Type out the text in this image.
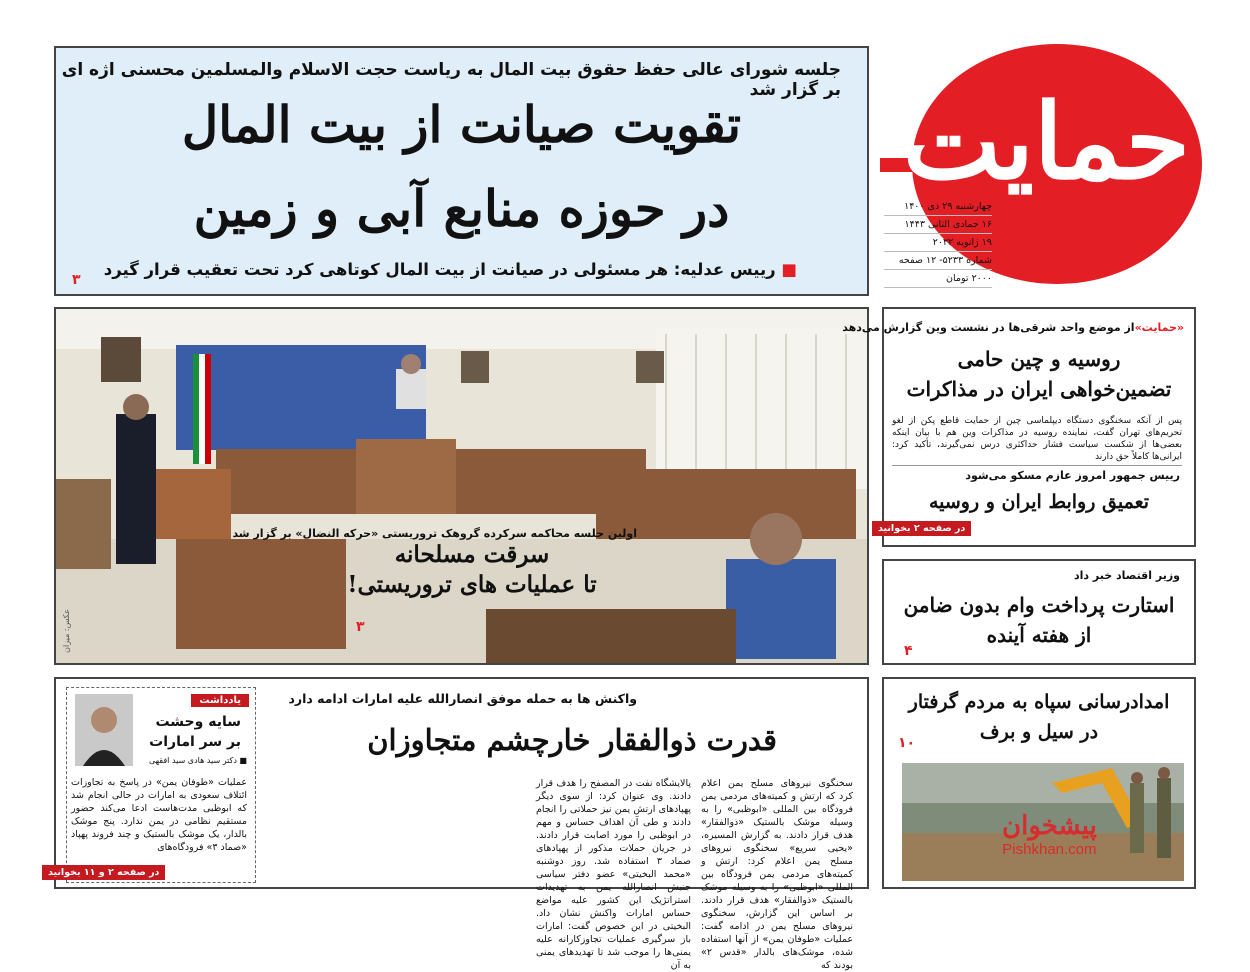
حمایت
چهارشنبه ۲۹ دی ۱۴۰۰
۱۶ جمادی الثانی ۱۴۴۳
۱۹ ژانویه ۲۰۲۲
شماره ۵۲۳۳- ۱۲ صفحه
۲۰۰۰ تومان
جلسه شورای عالی حفظ حقوق بیت المال به ریاست حجت الاسلام والمسلمین محسنی اژه ای بر گزار شد
تقویت صیانت از بیت المال
در حوزه منابع آبی و زمین
■ رییس عدلیه: هر مسئولی در صیانت از بیت المال کوتاهی کرد تحت تعقیب قرار گیرد
۳
اولین جلسه محاکمه سرکرده گروهک تروریستی «حرکه النضال» بر گزار شد
سرقت مسلحانه
تا عملیات های تروریستی!
۳
عکس: میزان
«حمایت»از موضع واحد شرقی‌ها در نشست وین گزارش می‌دهد
روسیه و چین حامی
تضمین‌خواهی ایران در مذاکرات
پس از آنکه سخنگوی دستگاه دیپلماسی چین از حمایت قاطع پکن از لغو تحریم‌های تهران گفت، نماینده روسیه در مذاکرات وین هم با بیان اینکه بعضی‌ها از شکست سیاست فشار حداکثری درس نمی‌گیرند، تأکید کرد: ایرانی‌ها کاملاً حق دارند
رییس جمهور امروز عازم مسکو می‌شود
تعمیق روابط ایران و روسیه
در صفحه ۲ بخوانید
وزیر اقتصاد خبر داد
استارت پرداخت وام بدون ضامن
از هفته آینده
۴
امدادرسانی سپاه به مردم گرفتار
در سیل و برف
۱۰
پیشخوان
Pishkhan.com
واکنش ها به حمله موفق انصارالله علیه امارات ادامه دارد
قدرت ذوالفقار خارچشم متجاوزان
سخنگوی نیروهای مسلح یمن اعلام کرد که ارتش و کمیته‌های مردمی یمن فرودگاه بین المللی «ابوظبی» را به وسیله موشک بالستیک «ذوالفقار» هدف قرار دادند. به گزارش المسیره، «یحیی سریع» سخنگوی نیروهای مسلح یمن اعلام کرد: ارتش و کمیته‌های مردمی یمن فرودگاه بین المللی «ابوظبی» را به وسیله موشک بالستیک «ذوالفقار» هدف قرار دادند. بر اساس این گزارش، سخنگوی نیروهای مسلح یمن در ادامه گفت: عملیات «طوفان یمن» از آنها استفاده شده، موشک‌های بالدار «قدس ۲» بودند که
پالایشگاه نفت در المصفح را هدف قرار دادند. وی عنوان کرد: از سوی دیگر پهپادهای ارتش یمن نیز حملاتی را انجام دادند و طی آن اهداف حساس و مهم در ابوظبی را مورد اصابت قرار دادند. در جریان حملات مذکور از پهپادهای صماد ۳ استفاده شد. روز دوشنبه «محمد البخیتی» عضو دفتر سیاسی جنبش انصارالله یمن به تهدیدات استراتژیک این کشور علیه مواضع حساس امارات واکنش نشان داد. البخیتی در این خصوص گفت: امارات باز سرگیری عملیات تجاوزکارانه علیه یمنی‌ها را موجب شد تا تهدیدهای یمنی به آن
یادداشت
سایه وحشت
بر سر امارات
■ دکتر سید هادی سید افقهی
عملیات «طوفان یمن» در پاسخ به تجاوزات ائتلاف سعودی به امارات در حالی انجام شد که ابوظبی مدت‌هاست ادعا می‌کند حضور مستقیم نظامی در یمن ندارد. پنج موشک بالدار، یک موشک بالستیک و چند فروند پهپاد «صماد ۳» فرودگاه‌های
در صفحه ۲ و ۱۱ بخوانید
